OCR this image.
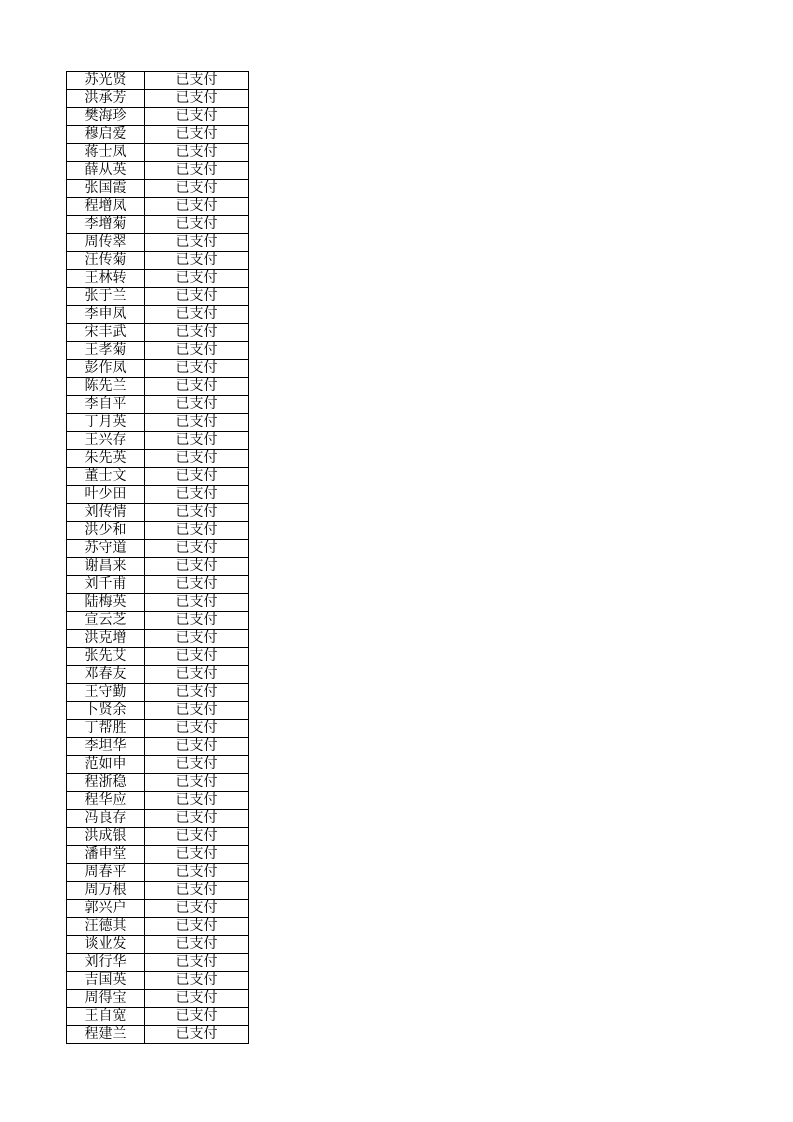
苏光贤	已支付
洪承芳	已支付
樊海珍	已支付
穆启爱	已支付
蒋士凤	已支付
薛从英	已支付
张国霞	已支付
程增凤	已支付
李增菊	已支付
周传翠	已支付
汪传菊	已支付
王林转	已支付
张于兰	已支付
李申凤	已支付
宋丰武	已支付
王孝菊	已支付
彭作凤	已支付
陈先兰	已支付
李自平	已支付
丁月英	已支付
王兴存	已支付
朱先英	已支付
董士文	已支付
叶少田	已支付
刘传情	已支付
洪少和	已支付
苏守道	已支付
谢昌来	已支付
刘千甫	已支付
陆梅英	已支付
宣云芝	已支付
洪克增	已支付
张先艾	已支付
邓春友	已支付
王守勤	已支付
卜贤余	已支付
丁帮胜	已支付
李坦华	已支付
范如申	已支付
程浙稳	已支付
程华应	已支付
冯良存	已支付
洪成银	已支付
潘申堂	已支付
周春平	已支付
周万根	已支付
郭兴户	已支付
汪德其	已支付
谈业发	已支付
刘行华	已支付
吉国英	已支付
周得宝	已支付
王自宽	已支付
程建兰	已支付
